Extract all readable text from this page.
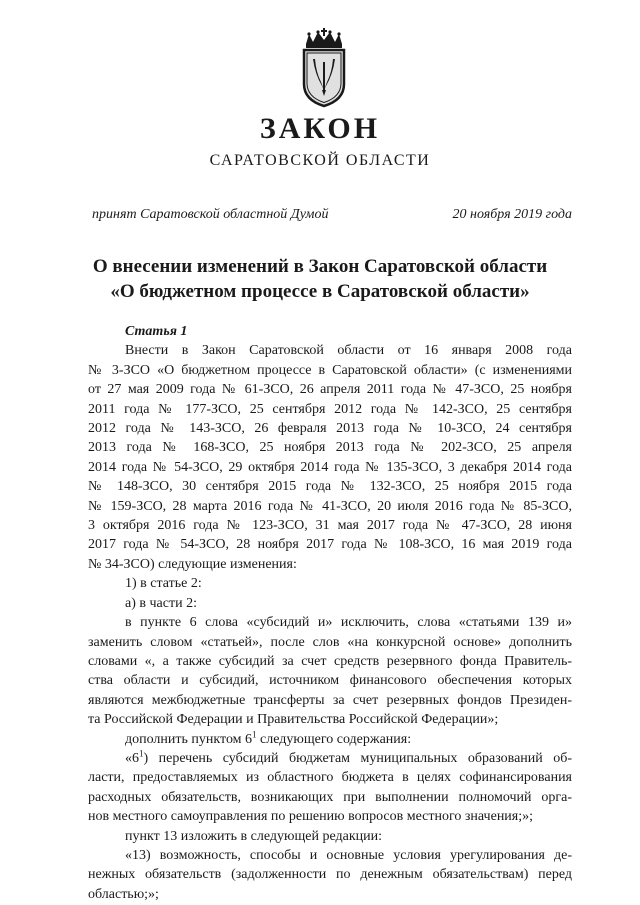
ЗАКОН
САРАТОВСКОЙ ОБЛАСТИ
принят Саратовской областной Думой	20 ноября 2019 года
О внесении изменений в Закон Саратовской области
«О бюджетном процессе в Саратовской области»
Статья 1
Внести в Закон Саратовской области от 16 января 2008 года
№ 3-ЗСО «О бюджетном процессе в Саратовской области» (с изменениями
от 27 мая 2009 года № 61-ЗСО, 26 апреля 2011 года № 47-ЗСО, 25 ноября
2011 года № 177-ЗСО, 25 сентября 2012 года № 142-ЗСО, 25 сентября
2012 года № 143-ЗСО, 26 февраля 2013 года № 10-ЗСО, 24 сентября
2013 года № 168-ЗСО, 25 ноября 2013 года № 202-ЗСО, 25 апреля
2014 года № 54-ЗСО, 29 октября 2014 года № 135-ЗСО, 3 декабря 2014 года
№ 148-ЗСО, 30 сентября 2015 года № 132-ЗСО, 25 ноября 2015 года
№ 159-ЗСО, 28 марта 2016 года № 41-ЗСО, 20 июля 2016 года № 85-ЗСО,
3 октября 2016 года № 123-ЗСО, 31 мая 2017 года № 47-ЗСО, 28 июня
2017 года № 54-ЗСО, 28 ноября 2017 года № 108-ЗСО, 16 мая 2019 года
№ 34-ЗСО) следующие изменения:
1) в статье 2:
а) в части 2:
в пункте 6 слова «субсидий и» исключить, слова «статьями 139 и»
заменить словом «статьей», после слов «на конкурсной основе» дополнить
словами «, а также субсидий за счет средств резервного фонда Правитель-
ства области и субсидий, источником финансового обеспечения которых
являются межбюджетные трансферты за счет резервных фондов Президен-
та Российской Федерации и Правительства Российской Федерации»;
дополнить пунктом $6^1$ следующего содержания:
«$6^1$) перечень субсидий бюджетам муниципальных образований об-
ласти, предоставляемых из областного бюджета в целях софинансирования
расходных обязательств, возникающих при выполнении полномочий орга-
нов местного самоуправления по решению вопросов местного значения;»;
пункт 13 изложить в следующей редакции:
«13) возможность, способы и основные условия урегулирования де-
нежных обязательств (задолженности по денежным обязательствам) перед
областью;»;
